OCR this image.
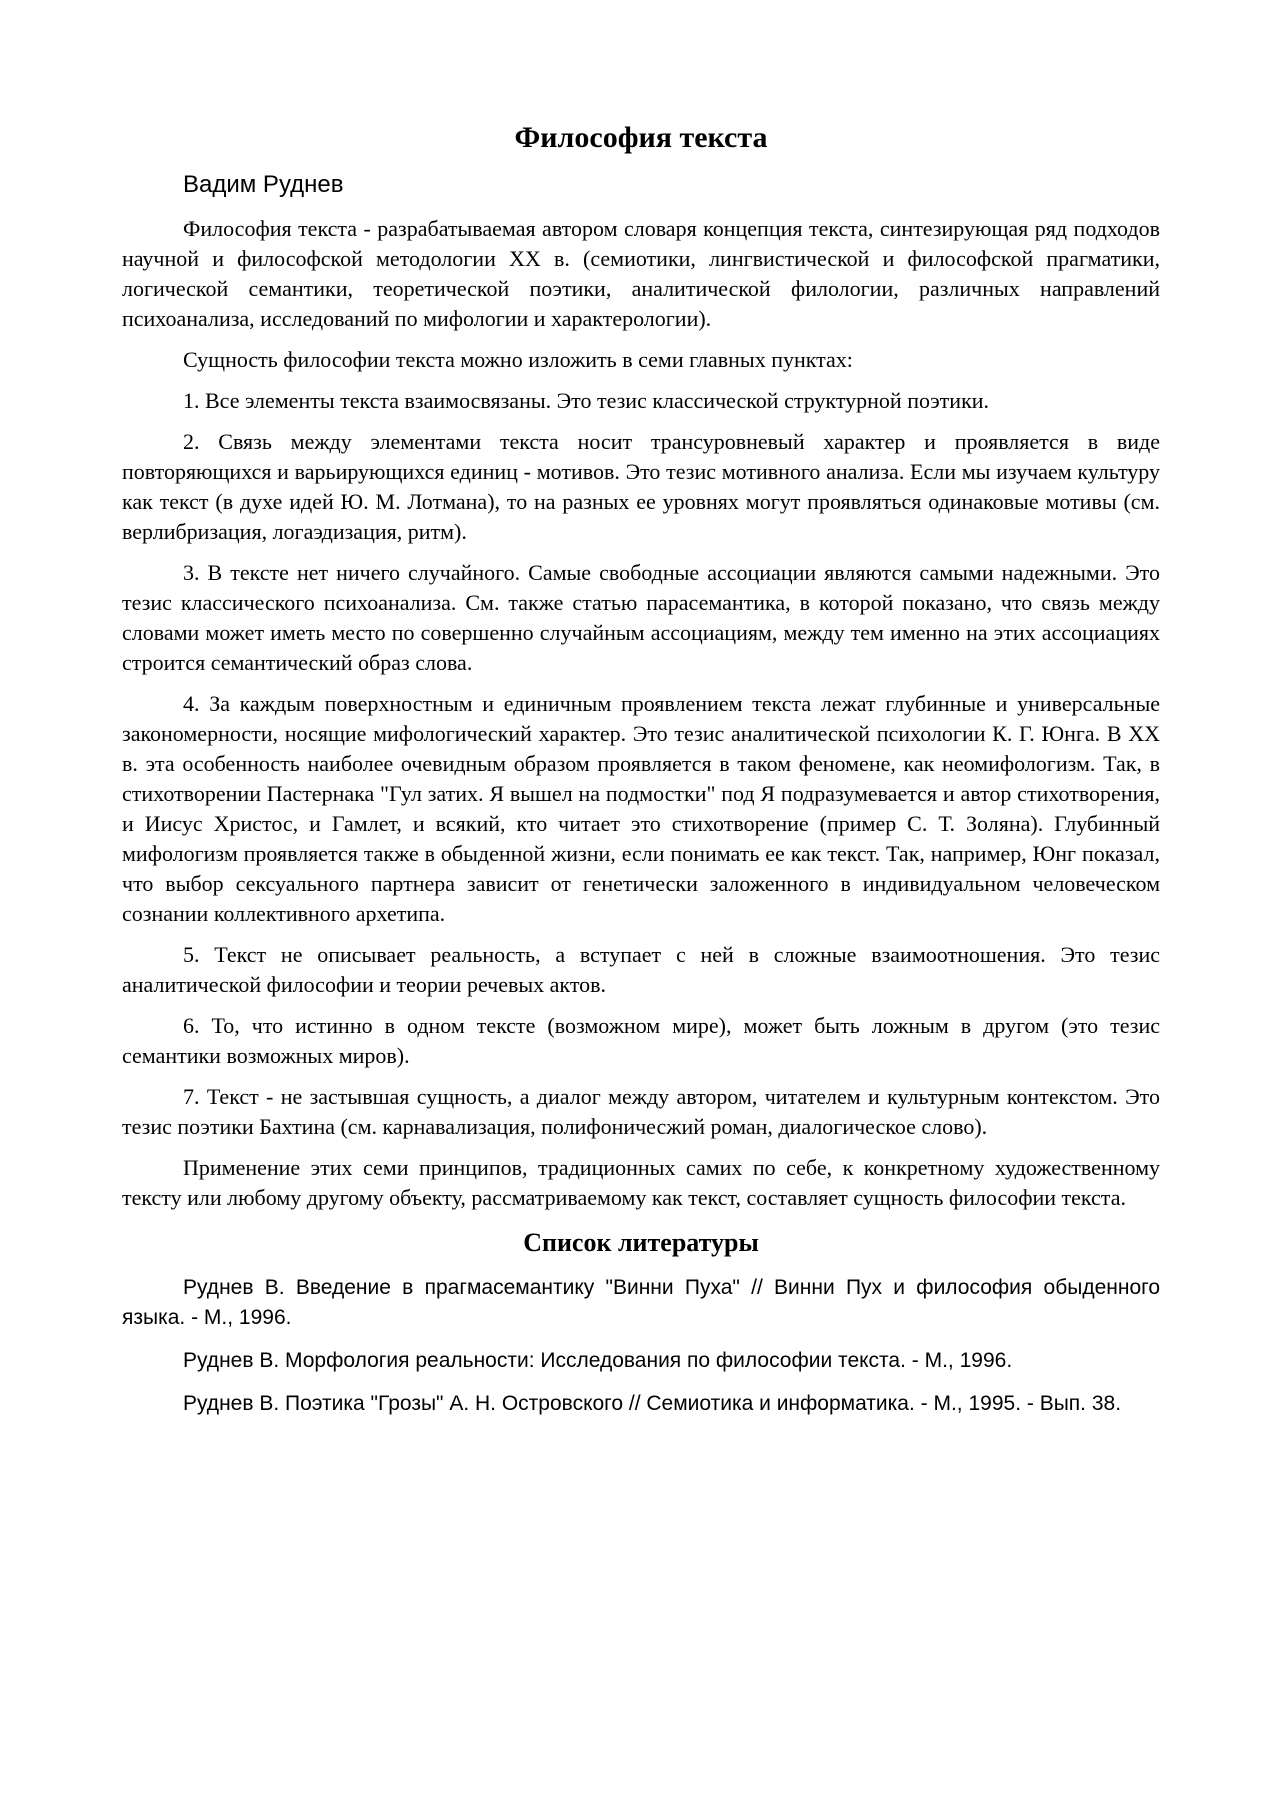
Философия текста
Вадим Руднев

Философия текста - разрабатываемая автором словаря концепция текста, синтезирующая ряд подходов научной и философской методологии XX в. (семиотики, лингвистической и философской прагматики, логической семантики, теоретической поэтики, аналитической филологии, различных направлений психоанализа, исследований по мифологии и характерологии).

Сущность философии текста можно изложить в семи главных пунктах:

1. Все элементы текста взаимосвязаны. Это тезис классической структурной поэтики.

2. Связь между элементами текста носит трансуровневый характер и проявляется в виде повторяющихся и варьирующихся единиц - мотивов. Это тезис мотивного анализа. Если мы изучаем культуру как текст (в духе идей Ю. М. Лотмана), то на разных ее уровнях могут проявляться одинаковые мотивы (см. верлибризация, логаэдизация, ритм).

3. В тексте нет ничего случайного. Самые свободные ассоциации являются самыми надежными. Это тезис классического психоанализа. См. также статью парасемантика, в которой показано, что связь между словами может иметь место по совершенно случайным ассоциациям, между тем именно на этих ассоциациях строится семантический образ слова.

4. За каждым поверхностным и единичным проявлением текста лежат глубинные и универсальные закономерности, носящие мифологический характер. Это тезис аналитической психологии К. Г. Юнга. В XX в. эта особенность наиболее очевидным образом проявляется в таком феномене, как неомифологизм. Так, в стихотворении Пастернака "Гул затих. Я вышел на подмостки" под Я подразумевается и автор стихотворения, и Иисус Христос, и Гамлет, и всякий, кто читает это стихотворение (пример С. Т. Золяна). Глубинный мифологизм проявляется также в обыденной жизни, если понимать ее как текст. Так, например, Юнг показал, что выбор сексуального партнера зависит от генетически заложенного в индивидуальном человеческом сознании коллективного архетипа.

5. Текст не описывает реальность, а вступает с ней в сложные взаимоотношения. Это тезис аналитической философии и теории речевых актов.

6. То, что истинно в одном тексте (возможном мире), может быть ложным в другом (это тезис семантики возможных миров).

7. Текст - не застывшая сущность, а диалог между автором, читателем и культурным контекстом. Это тезис поэтики Бахтина (см. карнавализация, полифоничесжий роман, диалогическое слово).

Применение этих семи принципов, традиционных самих по себе, к конкретному художественному тексту или любому другому объекту, рассматриваемому как текст, составляет сущность философии текста.

Список литературы

Руднев В. Введение в прагмасемантику "Винни Пуха" // Винни Пух и философия обыденного языка. - М., 1996.

Руднев В. Морфология реальности: Исследования по философии текста. - М., 1996.

Руднев В. Поэтика "Грозы" А. Н. Островского // Семиотика и информатика. - М., 1995. - Вып. 38.
